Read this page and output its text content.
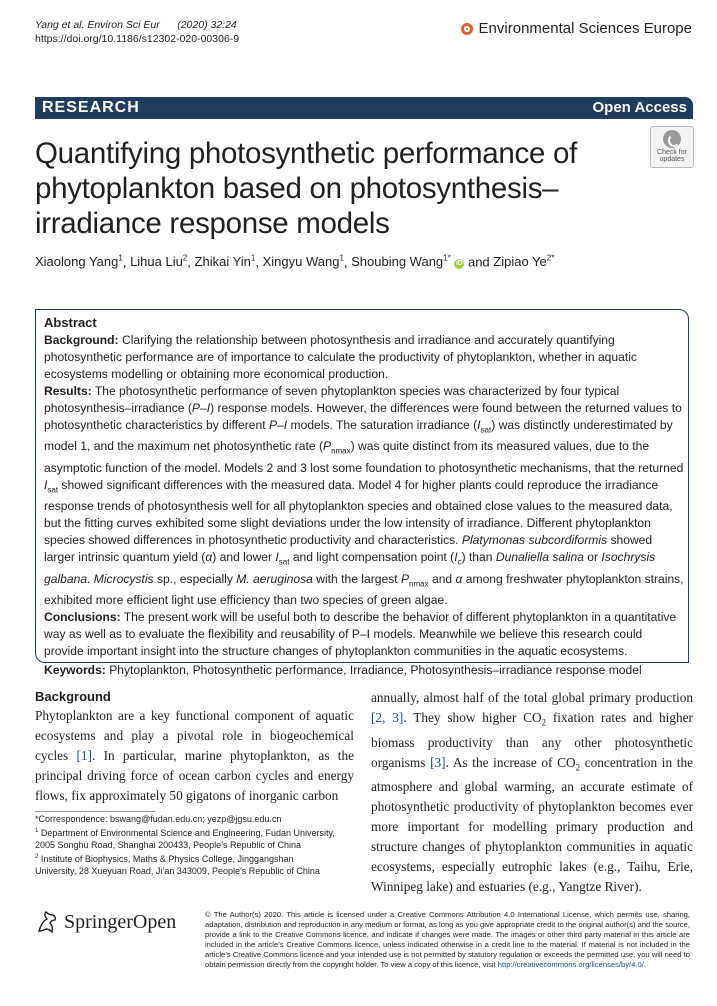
Yang et al. Environ Sci Eur (2020) 32:24
https://doi.org/10.1186/s12302-020-00306-9
Environmental Sciences Europe
RESEARCH	Open Access
Check for
updates
Quantifying photosynthetic performance of phytoplankton based on photosynthesis–irradiance response models
Xiaolong Yang$^1$, Lihua Liu$^2$, Zhikai Yin$^1$, Xingyu Wang$^1$, Shoubing Wang$^{1*}$ iD and Zipiao $Ye^{2*}$
Abstract

Background: Clarifying the relationship between photosynthesis and irradiance and accurately quantifying photosynthetic performance are of importance to calculate the productivity of phytoplankton, whether in aquatic ecosystems modelling or obtaining more economical production.

Results: The photosynthetic performance of seven phytoplankton species was characterized by four typical photosynthesis–irradiance (P–I) response models. However, the differences were found between the returned values to photosynthetic characteristics by different P–I models. The saturation irradiance $(I_{sat})$ was distinctly underestimated by model 1, and the maximum net photosynthetic rate $(P_{nmax})$ was quite distinct from its measured values, due to the asymptotic function of the model. Models 2 and 3 lost some foundation to photosynthetic mechanisms, that the returned $I_{sat}$ showed significant differences with the measured data. Model 4 for higher plants could reproduce the irradiance response trends of photosynthesis well for all phytoplankton species and obtained close values to the measured data, but the fitting curves exhibited some slight deviations under the low intensity of irradiance. Different phytoplankton species showed differences in photosynthetic productivity and characteristics. Platymonas subcordiformis showed larger intrinsic quantum yield (α) and lower $I_{sat}$ and light compensation point $(I_c)$ than Dunaliella salina or Isochrysis galbana. Microcystis sp., especially M. aeruginosa with the largest $P_{nmax}$ and α among freshwater phytoplankton strains, exhibited more efficient light use efficiency than two species of green algae.

Conclusions: The present work will be useful both to describe the behavior of different phytoplankton in a quantitative way as well as to evaluate the flexibility and reusability of P–I models. Meanwhile we believe this research could provide important insight into the structure changes of phytoplankton communities in the aquatic ecosystems.

Keywords: Phytoplankton, Photosynthetic performance, Irradiance, Photosynthesis–irradiance response model

Background

Phytoplankton are a key functional component of aquatic ecosystems and play a pivotal role in biogeochemical cycles [1]. In particular, marine phytoplankton, as the principal driving force of ocean carbon cycles and energy flows, fix approximately 50 gigatons of inorganic carbon

annually, almost half of the total global primary production [2, 3]. They show higher $CO_2$ fixation rates and higher biomass productivity than any other photosynthetic organisms [3]. As the increase of $CO_2$ concentration in the atmosphere and global warming, an accurate estimate of photosynthetic productivity of phytoplankton becomes ever more important for modelling primary production and structure changes of phytoplankton communities in aquatic ecosystems, especially eutrophic lakes (e.g., Taihu, Erie, Winnipeg lake) and estuaries (e.g., Yangtze River).

*Correspondence: bswang@fudan.edu.cn; yezp@jgsu.edu.cn

$^1$ Department of Environmental Science and Engineering, Fudan University, 2005 Songhu Road, Shanghai 200433, People’s Republic of China

$^2$ Institute of Biophysics, Maths & Physics College, Jinggangshan University, 28 Xueyuan Road, Ji’an 343009, People’s Republic of China

SpringerOpen	© The Author(s) 2020. This article is licensed under a Creative Commons Attribution 4.0 International License, which permits use, sharing, adaptation, distribution and reproduction in any medium or format, as long as you give appropriate credit to the original author(s) and the source, provide a link to the Creative Commons licence, and indicate if changes were made. The images or other third party material in this article are included in the article’s Creative Commons licence, unless indicated otherwise in a credit line to the material. If material is not included in the article’s Creative Commons licence and your intended use is not permitted by statutory regulation or exceeds the permitted use, you will need to obtain permission directly from the copyright holder. To view a copy of this licence, visit http://creativecommons.org/licenses/by/4.0/.
